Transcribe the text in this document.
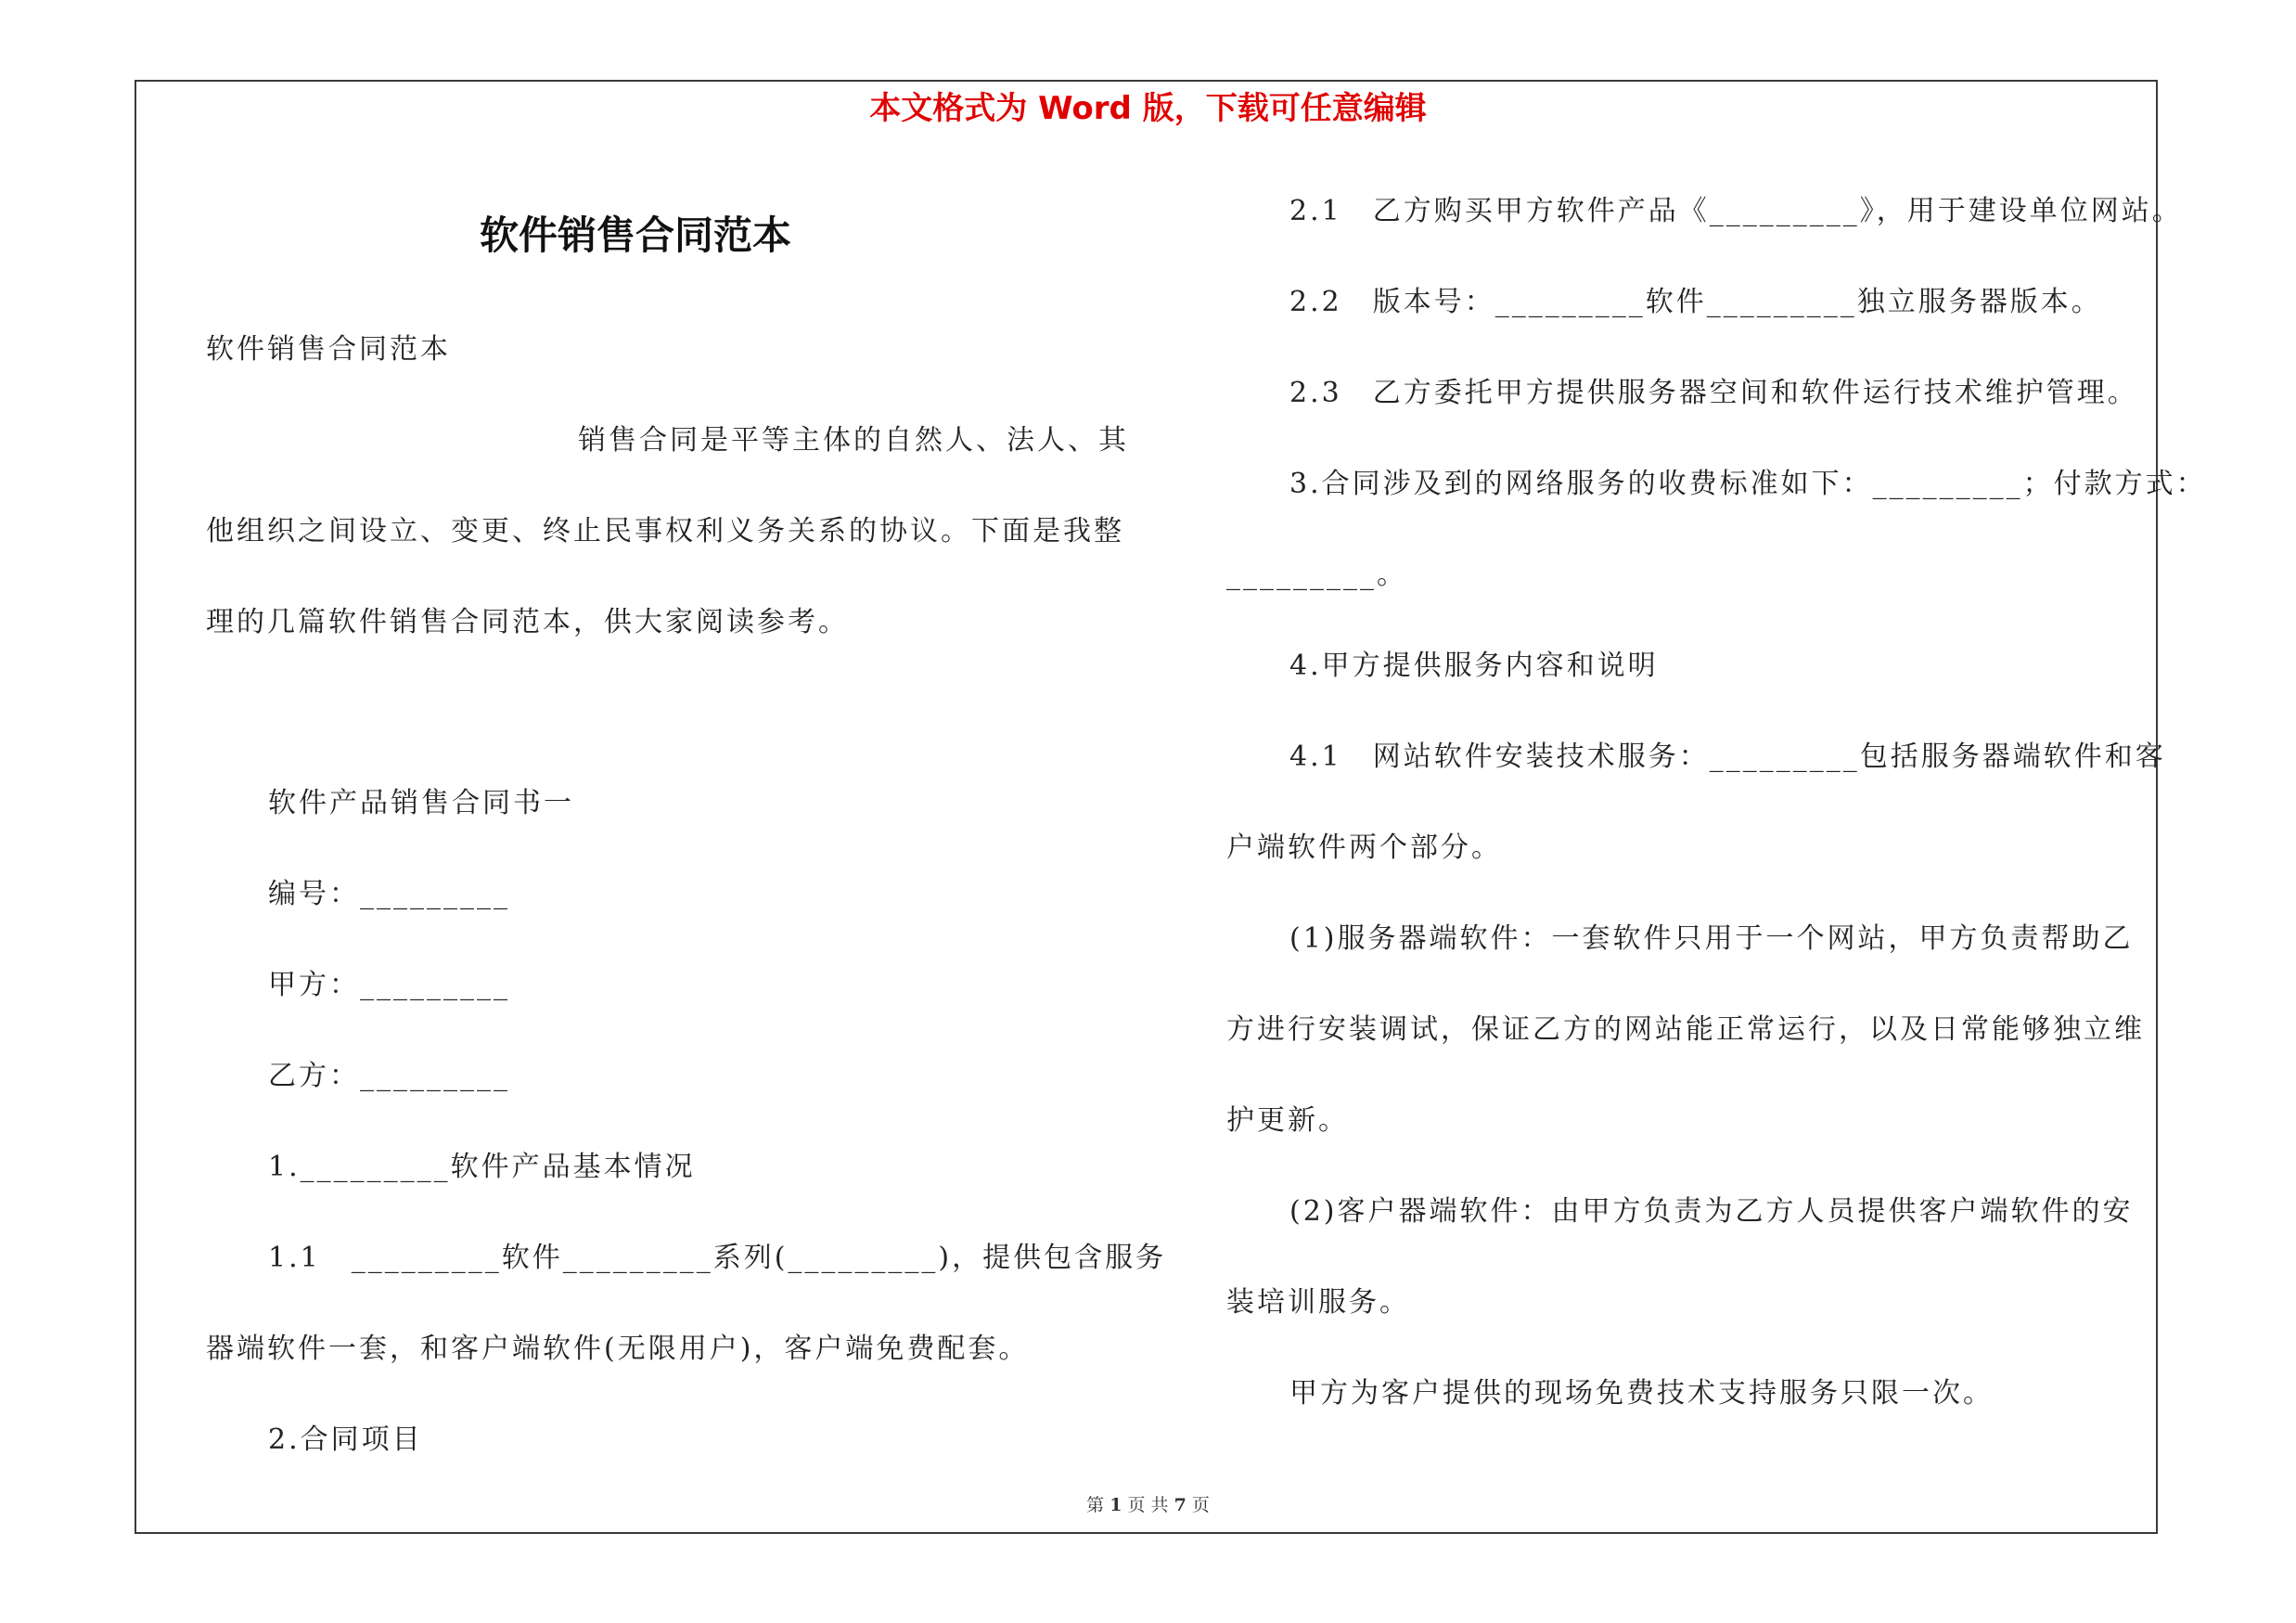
本文格式为 Word 版，下载可任意编辑
软件销售合同范本
软件销售合同范本
销售合同是平等主体的自然人、法人、其
他组织之间设立、变更、终止民事权利义务关系的协议。下面是我整
理的几篇软件销售合同范本，供大家阅读参考。
软件产品销售合同书一
编号：_________
甲方：_________
乙方：_________
1._________软件产品基本情况
1.1　_________软件_________系列(_________)，提供包含服务
器端软件一套，和客户端软件(无限用户)，客户端免费配套。
2.合同项目
2.1　乙方购买甲方软件产品《_________》，用于建设单位网站。
2.2　版本号：_________软件_________独立服务器版本。
2.3　乙方委托甲方提供服务器空间和软件运行技术维护管理。
3.合同涉及到的网络服务的收费标准如下：_________；付款方式：
_________。
4.甲方提供服务内容和说明
4.1　网站软件安装技术服务：_________包括服务器端软件和客
户端软件两个部分。
(1)服务器端软件：一套软件只用于一个网站，甲方负责帮助乙
方进行安装调试，保证乙方的网站能正常运行，以及日常能够独立维
护更新。
(2)客户器端软件：由甲方负责为乙方人员提供客户端软件的安
装培训服务。
甲方为客户提供的现场免费技术支持服务只限一次。
第 1 页 共 7 页
